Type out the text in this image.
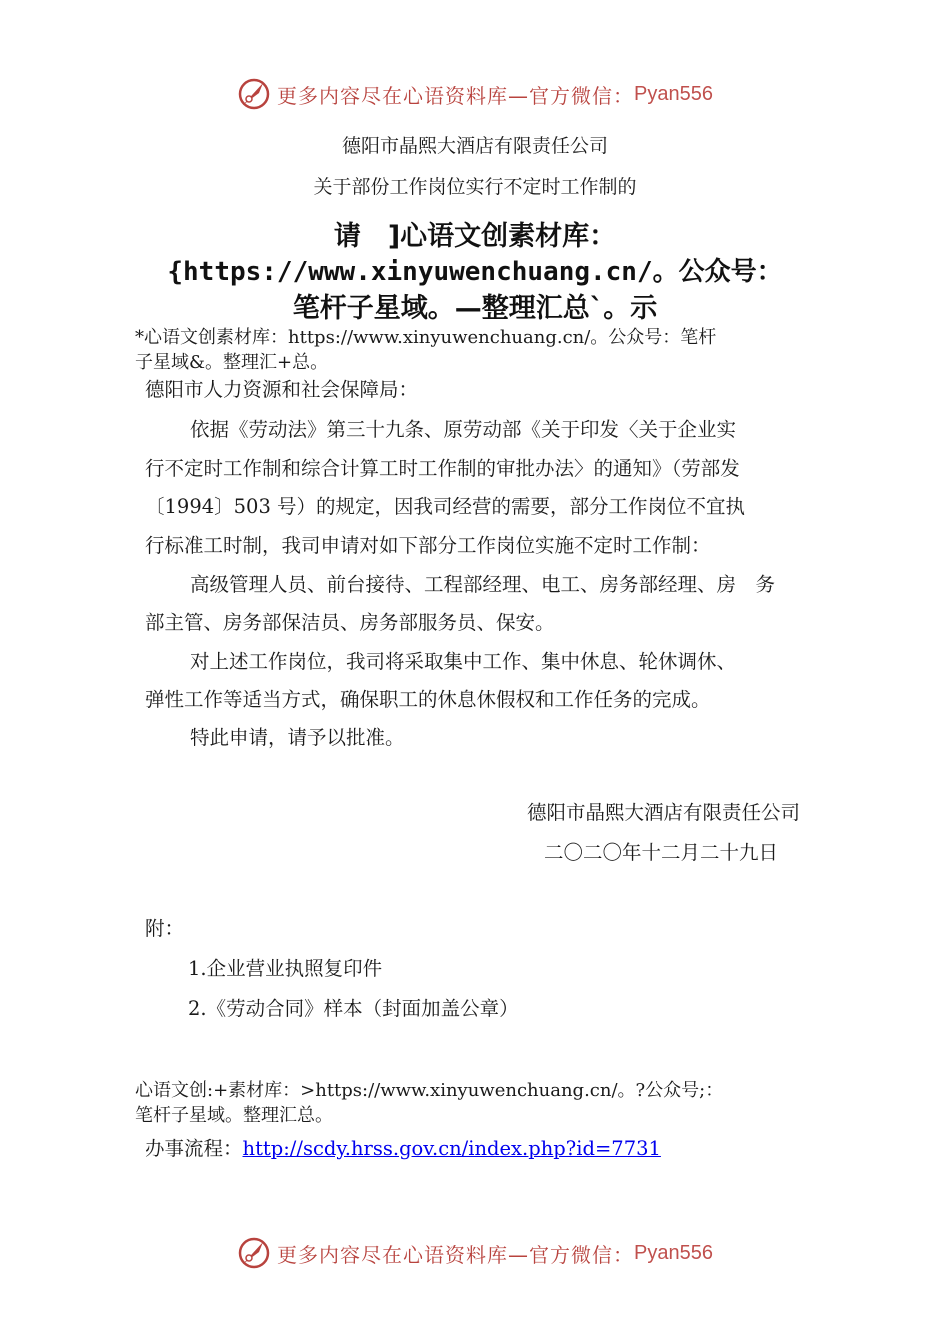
更多内容尽在心语资料库—官方微信： Pyan556
德阳市晶熙大酒店有限责任公司
关于部份工作岗位实行不定时工作制的
请　]心语文创素材库：
{https://www.xinyuwenchuang.cn/。公众号：
笔杆子星域。—整理汇总`。示
*心语文创素材库：https://www.xinyuwenchuang.cn/。公众号：笔杆
子星域&。整理汇+总。
德阳市人力资源和社会保障局：
依据《劳动法》第三十九条、原劳动部《关于印发〈关于企业实
行不定时工作制和综合计算工时工作制的审批办法〉的通知》（劳部发
〔1994〕503 号）的规定，因我司经营的需要，部分工作岗位不宜执
行标准工时制，我司申请对如下部分工作岗位实施不定时工作制：
高级管理人员、前台接待、工程部经理、电工、房务部经理、房　务
部主管、房务部保洁员、房务部服务员、保安。
对上述工作岗位，我司将采取集中工作、集中休息、轮休调休、
弹性工作等适当方式，确保职工的休息休假权和工作任务的完成。
特此申请，请予以批准。
德阳市晶熙大酒店有限责任公司
二〇二〇年十二月二十九日
附：
1.企业营业执照复印件
2.《劳动合同》样本（封面加盖公章）
心语文创:+素材库：>https://www.xinyuwenchuang.cn/。?公众号;：
笔杆子星域。整理汇总。
办事流程：http://scdy.hrss.gov.cn/index.php?id=7731
更多内容尽在心语资料库—官方微信： Pyan556
